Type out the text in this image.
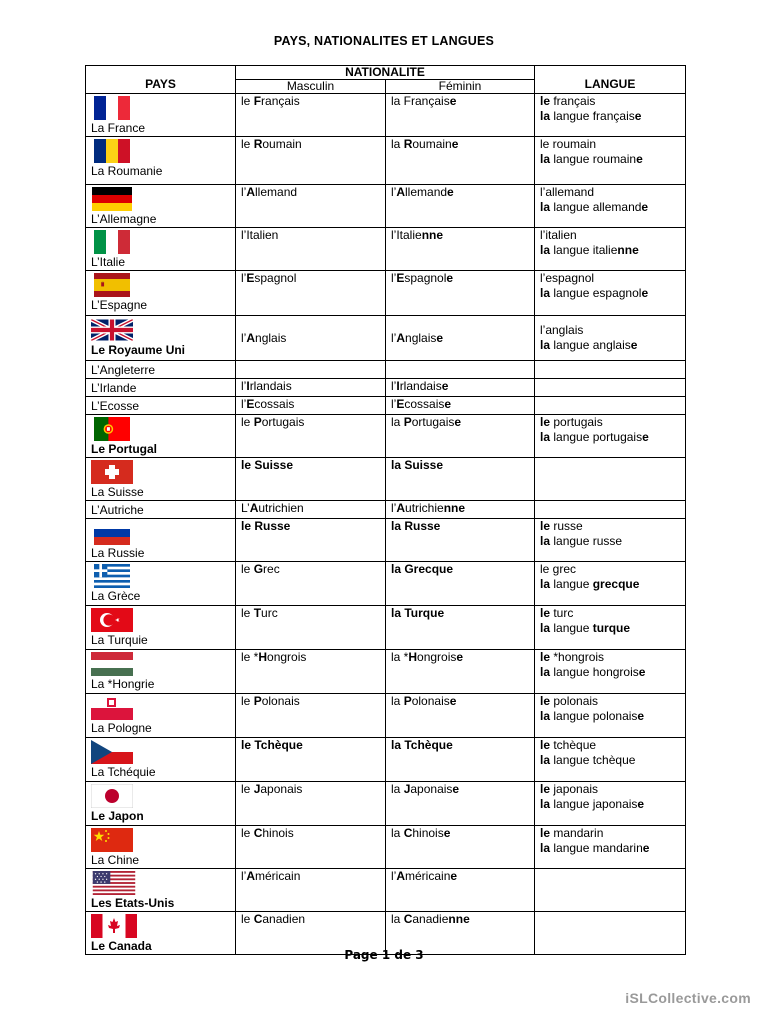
PAYS, NATIONALITES ET LANGUES
PAYS	NATIONALITE		LANGUE
	Masculin	Féminin	

La France	le Français	la Française	le français
la langue française

La Roumanie	le Roumain	la Roumaine	le roumain
la langue roumaine

L’Allemagne	l’Allemand	l’Allemande	l’allemand
la langue allemande

L’Italie	l’Italien	l’Italienne	l’italien
la langue italienne

L’Espagne	l’Espagnol	l’Espagnole	l’espagnol
la langue espagnole

Le Royaume Uni	l’Anglais	l’Anglaise	l’anglais
la langue anglaise

L’Angleterre			

L’Irlande	l’Irlandais	l’Irlandaise	

L’Ecosse	l’Ecossais	l’Ecossaise	

Le Portugal	le Portugais	la Portugaise	le portugais
la langue portugaise

La Suisse	le Suisse	la Suisse	

L’Autriche	L’Autrichien	l’Autrichienne	

La Russie	le Russe	la Russe	le russe
la langue russe

La Grèce	le Grec	la Grecque	le grec
la langue grecque

La Turquie	le Turc	la Turque	le turc
la langue turque

La *Hongrie	le *Hongrois	la *Hongroise	le *hongrois
la langue hongroise

La Pologne	le Polonais	la Polonaise	le polonais
la langue polonaise

La Tchéquie	le Tchèque	la Tchèque	le tchèque
la langue tchèque

Le Japon	le Japonais	la Japonaise	le japonais
la langue japonaise

La Chine	le Chinois	la Chinoise	le mandarin
la langue mandarine

Les Etats-Unis	l’Américain	l’Américaine	

Le Canada	le Canadien	la Canadienne	

Page 1 de 3
iSLCollective.com
